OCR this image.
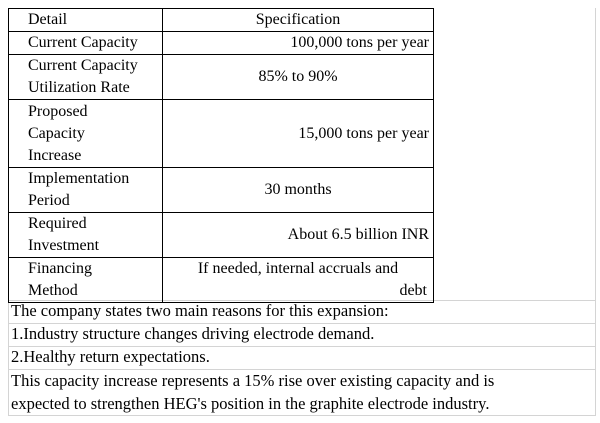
Detail	Specification
Current Capacity	100,000 tons per year

Current Capacity
Utilization Rate	85% to 90%

Proposed
Capacity
Increase	15,000 tons per year

Implementation
Period	30 months

Required
Investment	About 6.5 billion INR

Financing
Method	If needed, internal accruals and
debt
The company states two main reasons for this expansion:
1.Industry structure changes driving electrode demand.
2.Healthy return expectations.
This capacity increase represents a 15% rise over existing capacity and is
expected to strengthen HEG's position in the graphite electrode industry.
